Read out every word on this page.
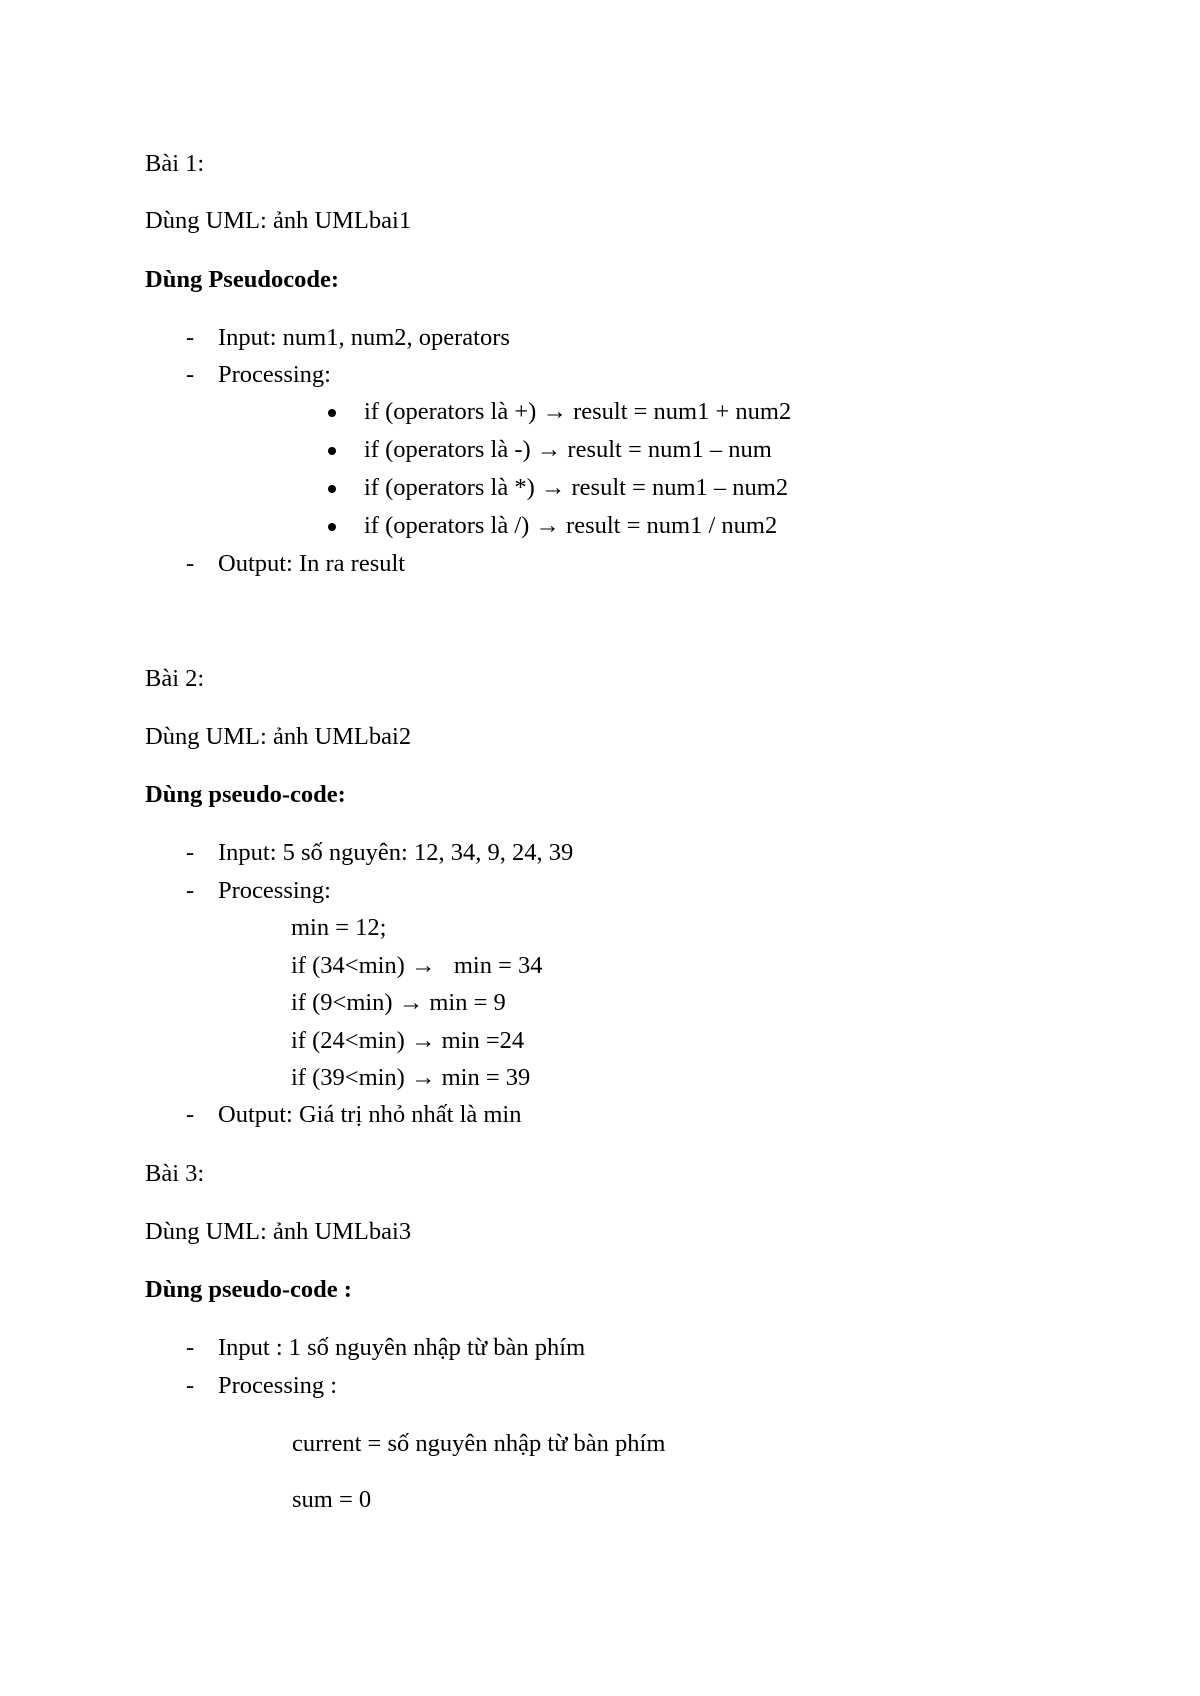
Bài 1:
Dùng UML: ảnh UMLbai1
Dùng Pseudocode:
- Input: num1, num2, operators
- Processing:
if (operators là +) → result = num1 + num2
if (operators là -) → result = num1 – num
if (operators là *) → result = num1 – num2
if (operators là /) → result = num1 / num2
- Output: In ra result
Bài 2:
Dùng UML: ảnh UMLbai2
Dùng pseudo-code:
- Input: 5 số nguyên: 12, 34, 9, 24, 39
- Processing:
min = 12;
if (34<min) →   min = 34
if (9<min) → min = 9
if (24<min) → min =24
if (39<min) → min = 39
- Output: Giá trị nhỏ nhất là min
Bài 3:
Dùng UML: ảnh UMLbai3
Dùng pseudo-code :
- Input : 1 số nguyên nhập từ bàn phím
- Processing :
current = số nguyên nhập từ bàn phím
sum = 0
